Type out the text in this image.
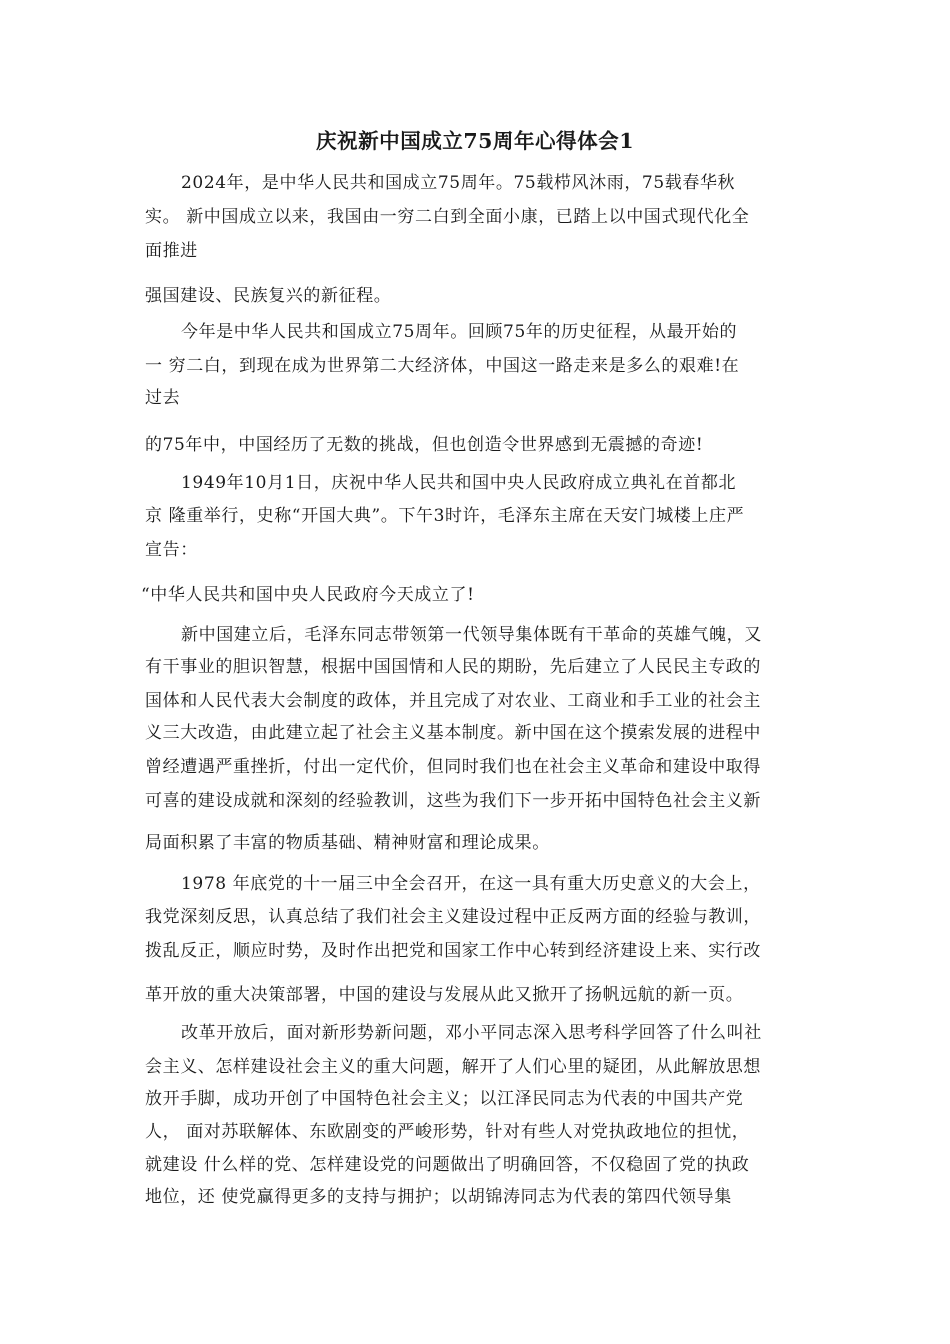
庆祝新中国成立75周年心得体会1
2024年，是中华人民共和国成立75周年。75载栉风沐雨，75载春华秋
实。 新中国成立以来，我国由一穷二白到全面小康，已踏上以中国式现代化全
面推进
强国建设、民族复兴的新征程。
今年是中华人民共和国成立75周年。回顾75年的历史征程，从最开始的
一 穷二白，到现在成为世界第二大经济体，中国这一路走来是多么的艰难!在
过去
的75年中，中国经历了无数的挑战，但也创造令世界感到无震撼的奇迹!
1949年10月1日，庆祝中华人民共和国中央人民政府成立典礼在首都北
京 隆重举行，史称“开国大典”。下午3时许，毛泽东主席在天安门城楼上庄严
宣告：
“中华人民共和国中央人民政府今天成立了!
新中国建立后，毛泽东同志带领第一代领导集体既有干革命的英雄气魄，又
有干事业的胆识智慧，根据中国国情和人民的期盼，先后建立了人民民主专政的
国体和人民代表大会制度的政体，并且完成了对农业、工商业和手工业的社会主
义三大改造，由此建立起了社会主义基本制度。新中国在这个摸索发展的进程中
曾经遭遇严重挫折，付出一定代价，但同时我们也在社会主义革命和建设中取得
可喜的建设成就和深刻的经验教训，这些为我们下一步开拓中国特色社会主义新
局面积累了丰富的物质基础、精神财富和理论成果。
1978 年底党的十一届三中全会召开，在这一具有重大历史意义的大会上，
我党深刻反思，认真总结了我们社会主义建设过程中正反两方面的经验与教训，
拨乱反正，顺应时势，及时作出把党和国家工作中心转到经济建设上来、实行改
革开放的重大决策部署，中国的建设与发展从此又掀开了扬帆远航的新一页。
改革开放后，面对新形势新问题，邓小平同志深入思考科学回答了什么叫社
会主义、怎样建设社会主义的重大问题，解开了人们心里的疑团，从此解放思想
放开手脚，成功开创了中国特色社会主义；以江泽民同志为代表的中国共产党
人， 面对苏联解体、东欧剧变的严峻形势，针对有些人对党执政地位的担忧，
就建设 什么样的党、怎样建设党的问题做出了明确回答，不仅稳固了党的执政
地位，还 使党赢得更多的支持与拥护；以胡锦涛同志为代表的第四代领导集
